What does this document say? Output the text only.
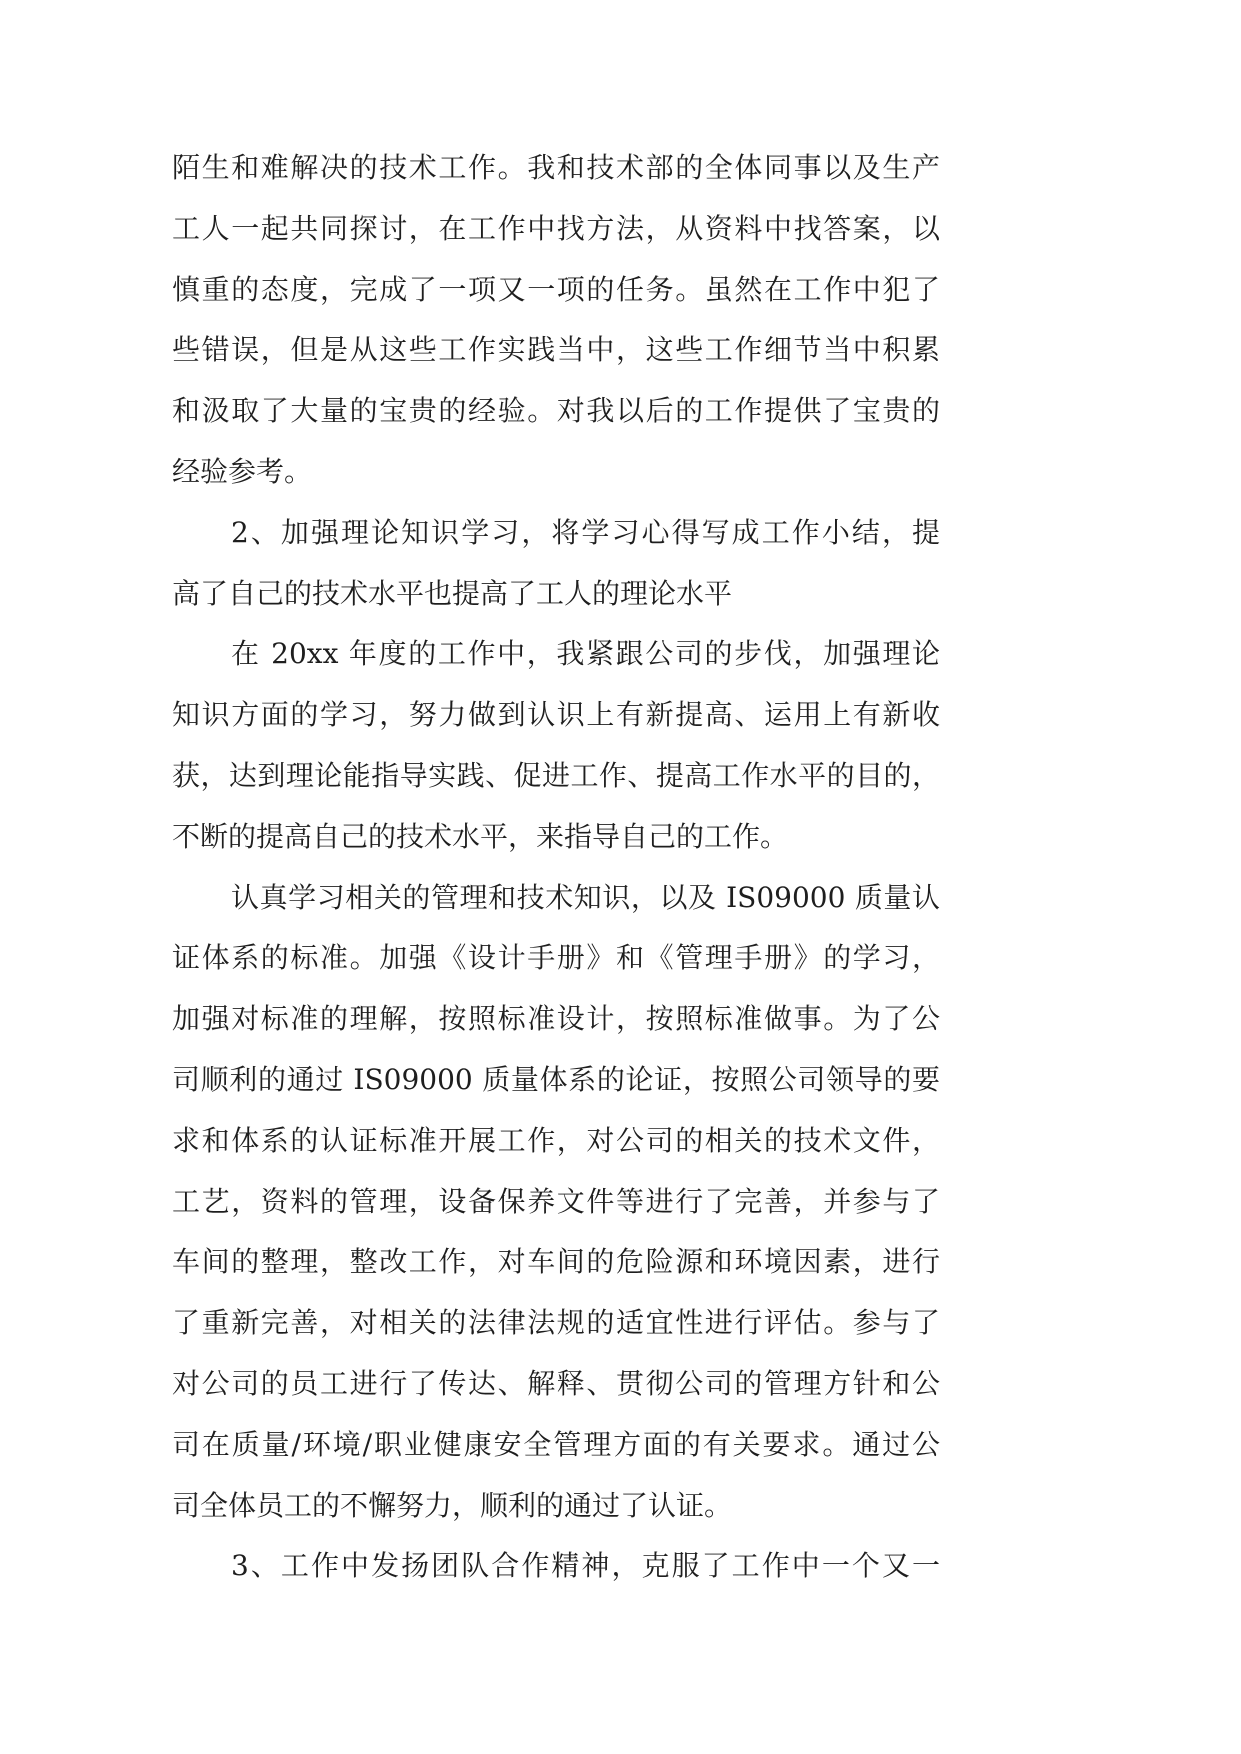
陌生和难解决的技术工作。我和技术部的全体同事以及生产
工人一起共同探讨，在工作中找方法，从资料中找答案，以
慎重的态度，完成了一项又一项的任务。虽然在工作中犯了
些错误，但是从这些工作实践当中，这些工作细节当中积累
和汲取了大量的宝贵的经验。对我以后的工作提供了宝贵的
经验参考。
2、加强理论知识学习，将学习心得写成工作小结，提
高了自己的技术水平也提高了工人的理论水平
在 20xx 年度的工作中，我紧跟公司的步伐，加强理论
知识方面的学习，努力做到认识上有新提高、运用上有新收
获，达到理论能指导实践、促进工作、提高工作水平的目的，
不断的提高自己的技术水平，来指导自己的工作。
认真学习相关的管理和技术知识，以及 IS09000 质量认
证体系的标准。加强《设计手册》和《管理手册》的学习，
加强对标准的理解，按照标准设计，按照标准做事。为了公
司顺利的通过 IS09000 质量体系的论证，按照公司领导的要
求和体系的认证标准开展工作，对公司的相关的技术文件，
工艺，资料的管理，设备保养文件等进行了完善，并参与了
车间的整理，整改工作，对车间的危险源和环境因素，进行
了重新完善，对相关的法律法规的适宜性进行评估。参与了
对公司的员工进行了传达、解释、贯彻公司的管理方针和公
司在质量/环境/职业健康安全管理方面的有关要求。通过公
司全体员工的不懈努力，顺利的通过了认证。
3、工作中发扬团队合作精神，克服了工作中一个又一
